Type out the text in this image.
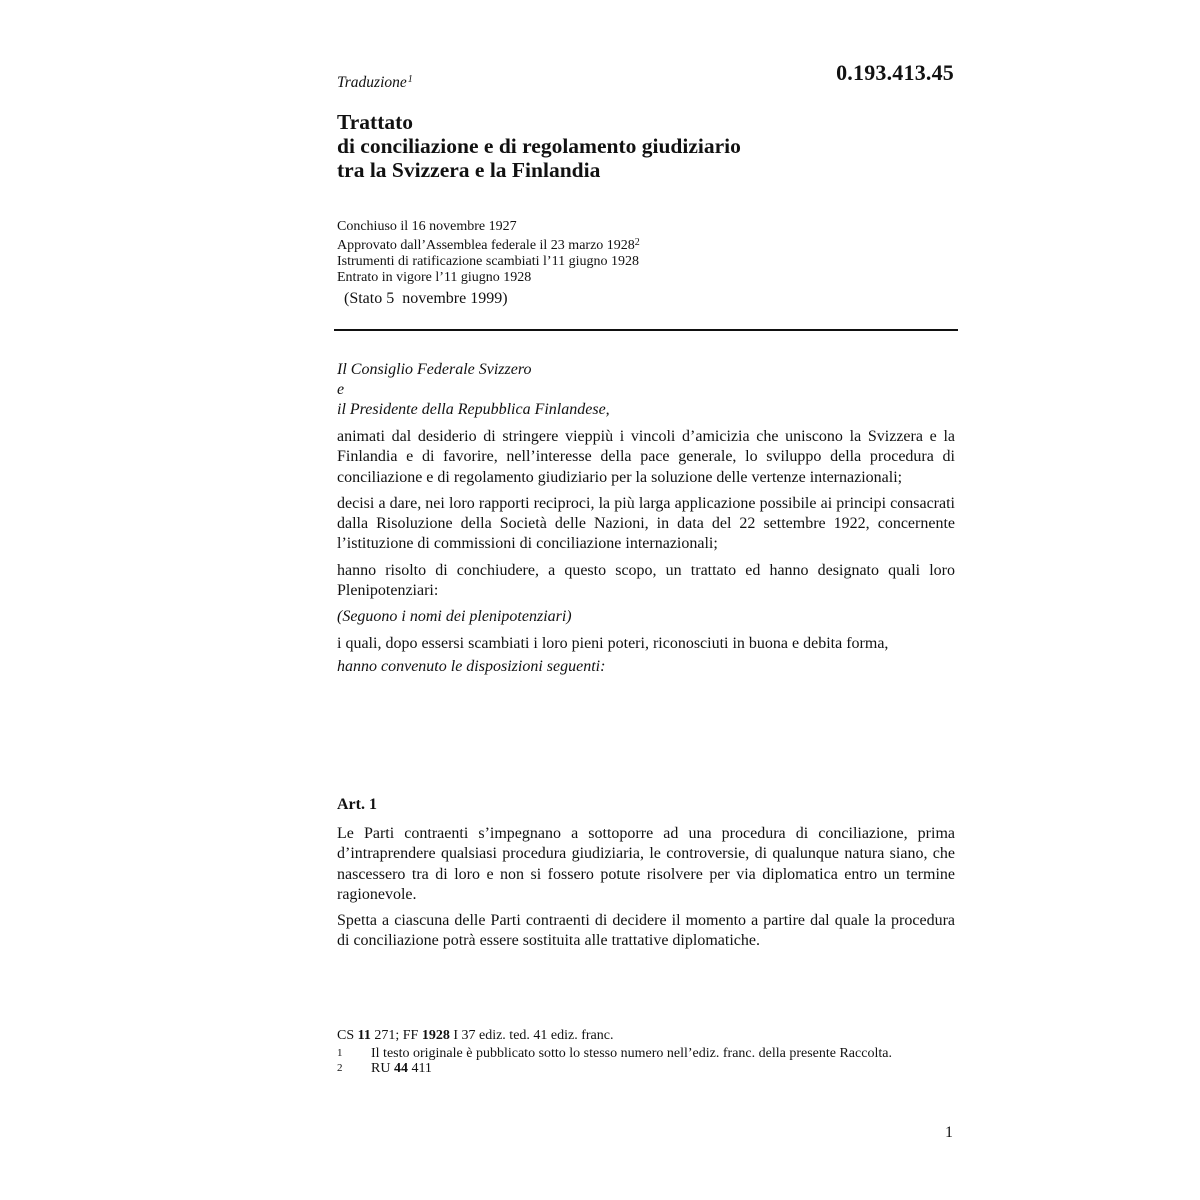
Traduzione$^1$	0.193.413.45
Trattato
di conciliazione e di regolamento giudiziario
tra la Svizzera e la Finlandia
Conchiuso il 16 novembre 1927
Approvato dall’Assemblea federale il 23 marzo 1928$^2$
Istrumenti di ratificazione scambiati l’11 giugno 1928
Entrato in vigore l’11 giugno 1928
(Stato 5  novembre 1999)
Il Consiglio Federale Svizzero
e
il Presidente della Repubblica Finlandese,
animati dal desiderio di stringere vieppiù i vincoli d’amicizia che uniscono la Svizzera e la Finlandia e di favorire, nell’interesse della pace generale, lo sviluppo della procedura di conciliazione e di regolamento giudiziario per la soluzione delle vertenze internazionali;
decisi a dare, nei loro rapporti reciproci, la più larga applicazione possibile ai principi consacrati dalla Risoluzione della Società delle Nazioni, in data del 22 settembre 1922, concernente l’istituzione di commissioni di conciliazione internazionali;
hanno risolto di conchiudere, a questo scopo, un trattato ed hanno designato quali loro Plenipotenziari:
(Seguono i nomi dei plenipotenziari)
i quali, dopo essersi scambiati i loro pieni poteri, riconosciuti in buona e debita forma,
hanno convenuto le disposizioni seguenti:
Art. 1
Le Parti contraenti s’impegnano a sottoporre ad una procedura di conciliazione, prima d’intraprendere qualsiasi procedura giudiziaria, le controversie, di qualunque natura siano, che nascessero tra di loro e non si fossero potute risolvere per via diplomatica entro un termine ragionevole.
Spetta a ciascuna delle Parti contraenti di decidere il momento a partire dal quale la procedura di conciliazione potrà essere sostituita alle trattative diplomatiche.
CS 11 271; FF 1928 I 37 ediz. ted. 41 ediz. franc.
1	Il testo originale è pubblicato sotto lo stesso numero nell’ediz. franc. della presente Raccolta.
2	RU 44 411
1
